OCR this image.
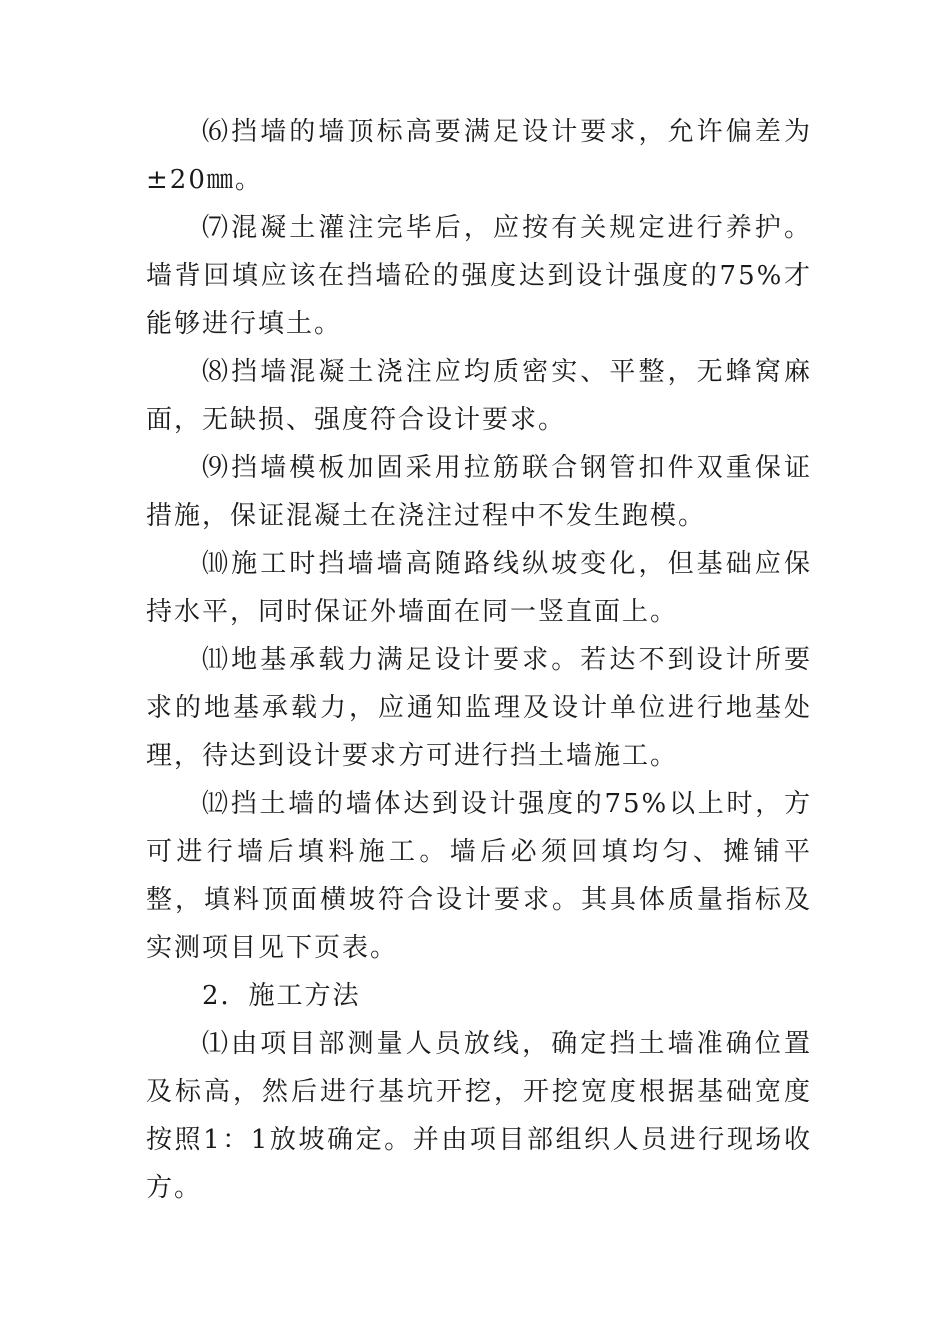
⑹挡墙的墙顶标高要满足设计要求，允许偏差为±20㎜。

⑺混凝土灌注完毕后，应按有关规定进行养护。墙背回填应该在挡墙砼的强度达到设计强度的75%才能够进行填土。

⑻挡墙混凝土浇注应均质密实、平整，无蜂窝麻面，无缺损、强度符合设计要求。

⑼挡墙模板加固采用拉筋联合钢管扣件双重保证措施，保证混凝土在浇注过程中不发生跑模。

⑽施工时挡墙墙高随路线纵坡变化，但基础应保持水平，同时保证外墙面在同一竖直面上。

⑾地基承载力满足设计要求。若达不到设计所要求的地基承载力，应通知监理及设计单位进行地基处理，待达到设计要求方可进行挡土墙施工。

⑿挡土墙的墙体达到设计强度的75%以上时，方可进行墙后填料施工。墙后必须回填均匀、摊铺平整，填料顶面横坡符合设计要求。其具体质量指标及实测项目见下页表。

2．施工方法

⑴由项目部测量人员放线，确定挡土墙准确位置及标高，然后进行基坑开挖，开挖宽度根据基础宽度按照1：1放坡确定。并由项目部组织人员进行现场收方。
